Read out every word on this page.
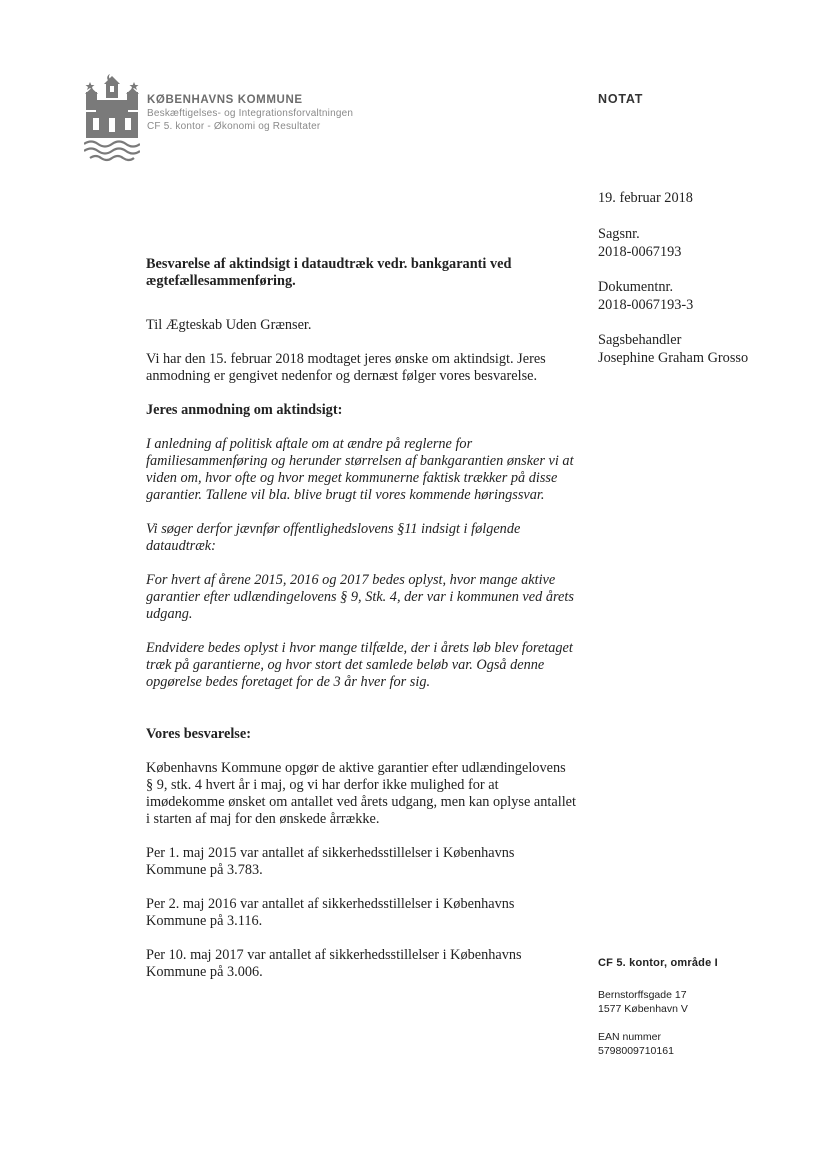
KØBENHAVNS KOMMUNE
Beskæftigelses- og Integrationsforvaltningen
CF 5. kontor - Økonomi og Resultater
NOTAT
19. februar 2018
Sagsnr.
2018-0067193
Dokumentnr.
2018-0067193-3
Sagsbehandler
Josephine Graham Grosso
Besvarelse af aktindsigt i dataudtræk vedr. bankgaranti ved ægtefællesammenføring.

Til Ægteskab Uden Grænser.

Vi har den 15. februar 2018 modtaget jeres ønske om aktindsigt. Jeres anmodning er gengivet nedenfor og dernæst følger vores besvarelse.

Jeres anmodning om aktindsigt:

I anledning af politisk aftale om at ændre på reglerne for familiesammenføring og herunder størrelsen af bankgarantien ønsker vi at viden om, hvor ofte og hvor meget kommunerne faktisk trækker på disse garantier. Tallene vil bla. blive brugt til vores kommende høringssvar.

Vi søger derfor jævnfør offentlighedslovens §11 indsigt i følgende dataudtræk:

For hvert af årene 2015, 2016 og 2017 bedes oplyst, hvor mange aktive garantier efter udlændingelovens § 9, Stk. 4, der var i kommunen ved årets udgang.

Endvidere bedes oplyst i hvor mange tilfælde, der i årets løb blev foretaget træk på garantierne, og hvor stort det samlede beløb var. Også denne opgørelse bedes foretaget for de 3 år hver for sig.

Vores besvarelse:

Københavns Kommune opgør de aktive garantier efter udlændingelovens § 9, stk. 4 hvert år i maj, og vi har derfor ikke mulighed for at imødekomme ønsket om antallet ved årets udgang, men kan oplyse antallet i starten af maj for den ønskede årrække.

Per 1. maj 2015 var antallet af sikkerhedsstillelser i Københavns Kommune på 3.783.

Per 2. maj 2016 var antallet af sikkerhedsstillelser i Københavns Kommune på 3.116.

Per 10. maj 2017 var antallet af sikkerhedsstillelser i Københavns Kommune på 3.006.

CF 5. kontor, område I
Bernstorffsgade 17
1577 København V
EAN nummer
5798009710161
